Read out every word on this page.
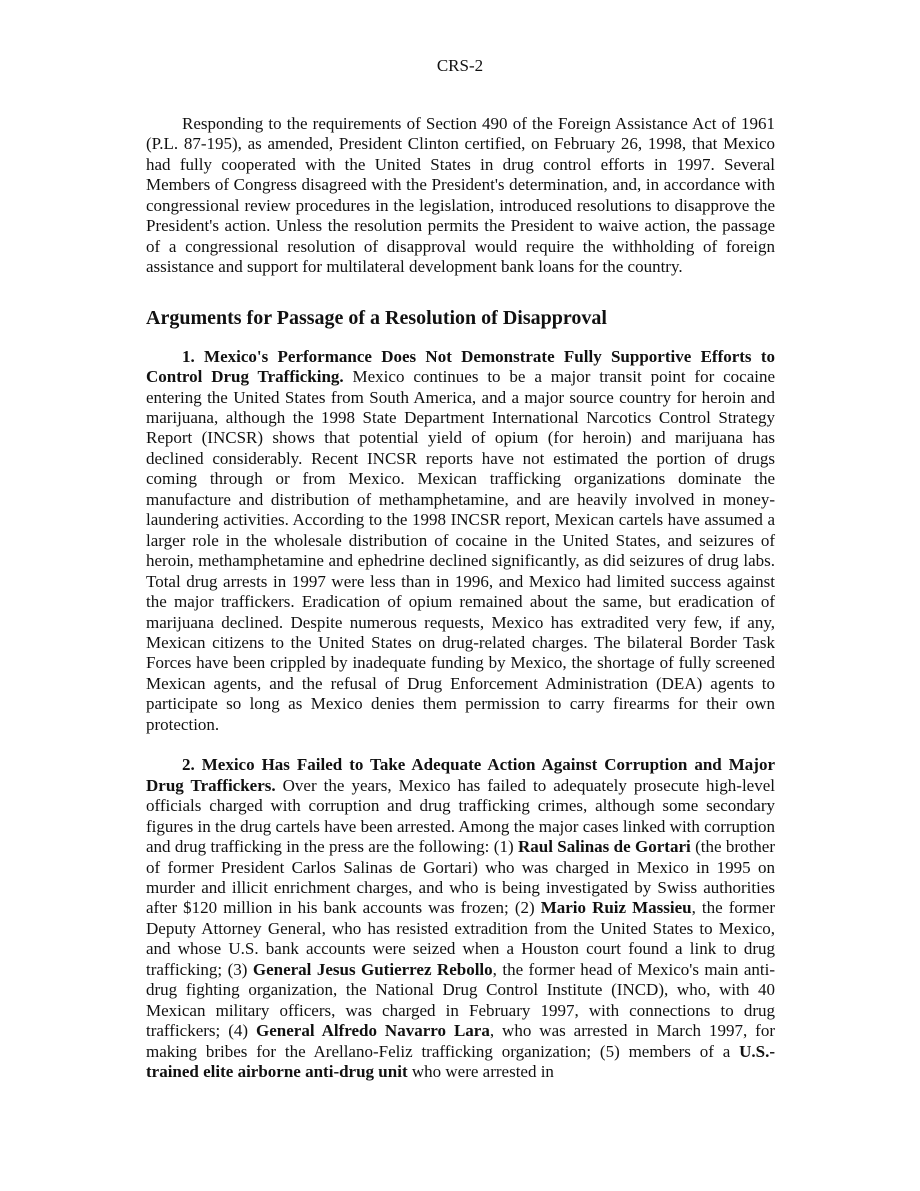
CRS-2

Responding to the requirements of Section 490 of the Foreign Assistance Act of 1961 (P.L. 87-195), as amended, President Clinton certified, on February 26, 1998, that Mexico had fully cooperated with the United States in drug control efforts in 1997. Several Members of Congress disagreed with the President's determination, and, in accordance with congressional review procedures in the legislation, introduced resolutions to disapprove the President's action. Unless the resolution permits the President to waive action, the passage of a congressional resolution of disapproval would require the withholding of foreign assistance and support for multilateral development bank loans for the country.

Arguments for Passage of a Resolution of Disapproval

1. Mexico's Performance Does Not Demonstrate Fully Supportive Efforts to Control Drug Trafficking. Mexico continues to be a major transit point for cocaine entering the United States from South America, and a major source country for heroin and marijuana, although the 1998 State Department International Narcotics Control Strategy Report (INCSR) shows that potential yield of opium (for heroin) and marijuana has declined considerably. Recent INCSR reports have not estimated the portion of drugs coming through or from Mexico. Mexican trafficking organizations dominate the manufacture and distribution of methamphetamine, and are heavily involved in money-laundering activities. According to the 1998 INCSR report, Mexican cartels have assumed a larger role in the wholesale distribution of cocaine in the United States, and seizures of heroin, methamphetamine and ephedrine declined significantly, as did seizures of drug labs. Total drug arrests in 1997 were less than in 1996, and Mexico had limited success against the major traffickers. Eradication of opium remained about the same, but eradication of marijuana declined. Despite numerous requests, Mexico has extradited very few, if any, Mexican citizens to the United States on drug-related charges. The bilateral Border Task Forces have been crippled by inadequate funding by Mexico, the shortage of fully screened Mexican agents, and the refusal of Drug Enforcement Administration (DEA) agents to participate so long as Mexico denies them permission to carry firearms for their own protection.

2. Mexico Has Failed to Take Adequate Action Against Corruption and Major Drug Traffickers. Over the years, Mexico has failed to adequately prosecute high-level officials charged with corruption and drug trafficking crimes, although some secondary figures in the drug cartels have been arrested. Among the major cases linked with corruption and drug trafficking in the press are the following: (1) Raul Salinas de Gortari (the brother of former President Carlos Salinas de Gortari) who was charged in Mexico in 1995 on murder and illicit enrichment charges, and who is being investigated by Swiss authorities after $120 million in his bank accounts was frozen; (2) Mario Ruiz Massieu, the former Deputy Attorney General, who has resisted extradition from the United States to Mexico, and whose U.S. bank accounts were seized when a Houston court found a link to drug trafficking; (3) General Jesus Gutierrez Rebollo, the former head of Mexico's main anti-drug fighting organization, the National Drug Control Institute (INCD), who, with 40 Mexican military officers, was charged in February 1997, with connections to drug traffickers; (4) General Alfredo Navarro Lara, who was arrested in March 1997, for making bribes for the Arellano-Feliz trafficking organization; (5) members of a U.S.-trained elite airborne anti-drug unit who were arrested in
